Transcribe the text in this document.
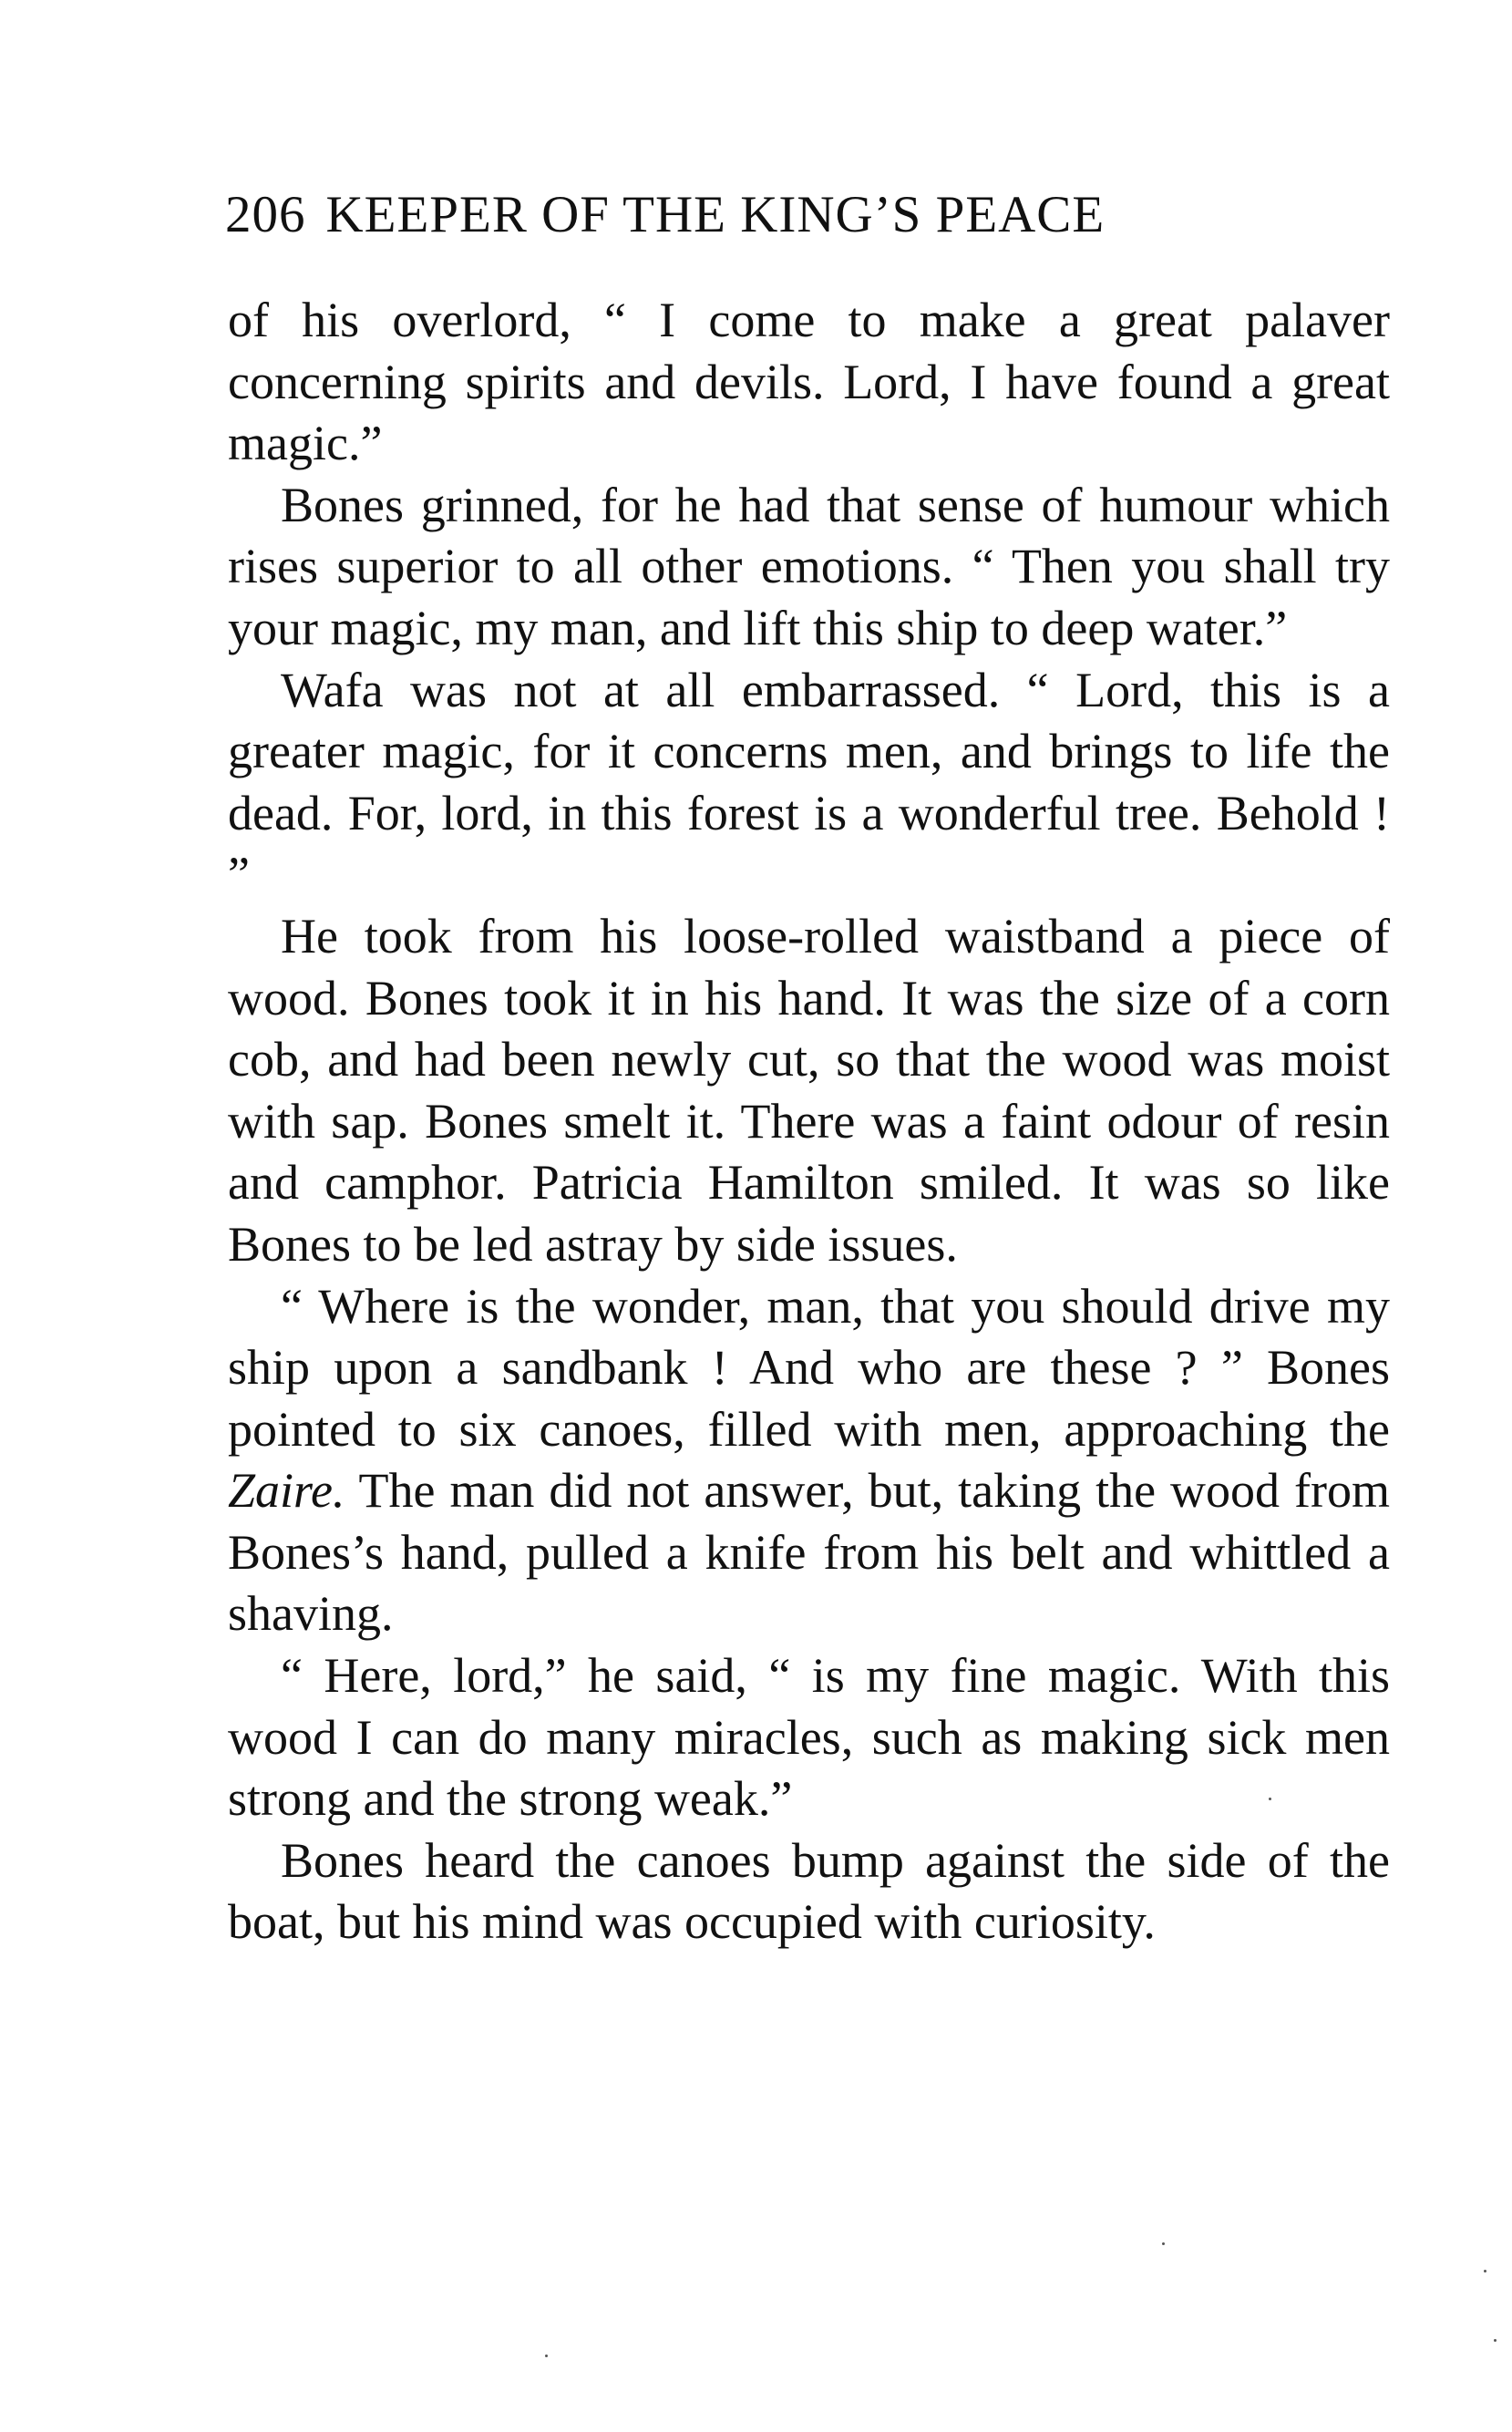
206 KEEPER OF THE KING’S PEACE

of his overlord, “ I come to make a great palaver concerning spirits and devils. Lord, I have found a great magic.”

Bones grinned, for he had that sense of humour which rises superior to all other emotions. “ Then you shall try your magic, my man, and lift this ship to deep water.”

Wafa was not at all embarrassed. “ Lord, this is a greater magic, for it concerns men, and brings to life the dead. For, lord, in this forest is a wonderful tree. Behold ! ”

He took from his loose-rolled waistband a piece of wood. Bones took it in his hand. It was the size of a corn cob, and had been newly cut, so that the wood was moist with sap. Bones smelt it. There was a faint odour of resin and camphor. Patricia Hamilton smiled. It was so like Bones to be led astray by side issues.

“ Where is the wonder, man, that you should drive my ship upon a sandbank ! And who are these ? ” Bones pointed to six canoes, filled with men, approaching the Zaire. The man did not answer, but, taking the wood from Bones’s hand, pulled a knife from his belt and whittled a shaving.

“ Here, lord,” he said, “ is my fine magic. With this wood I can do many miracles, such as making sick men strong and the strong weak.”

Bones heard the canoes bump against the side of the boat, but his mind was occupied with curiosity.
